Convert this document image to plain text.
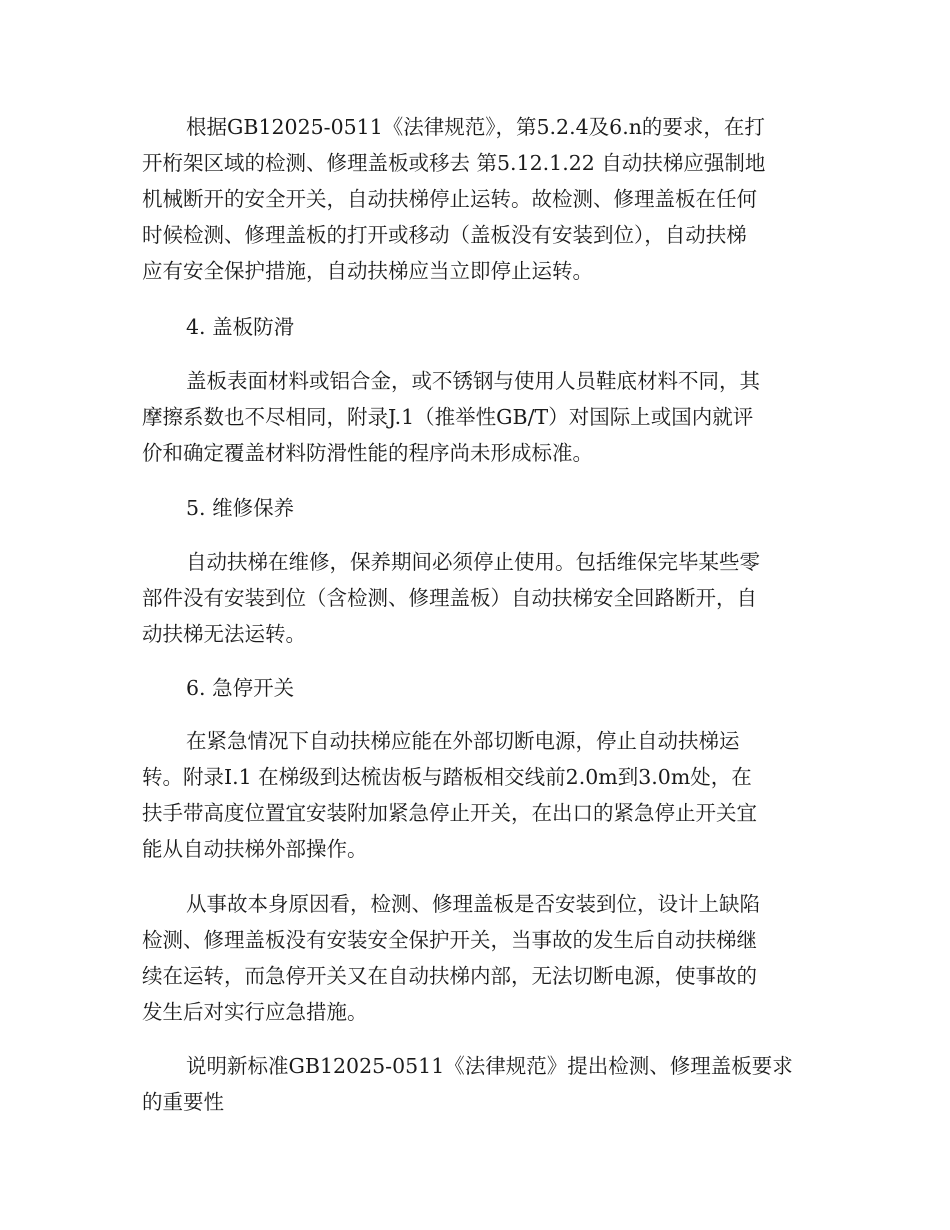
根据GB12025-0511《法律规范》，第5.2.4及6.n的要求，在打
开桁架区域的检测、修理盖板或移去 第5.12.1.22 自动扶梯应强制地
机械断开的安全开关，自动扶梯停止运转。故检测、修理盖板在任何
时候检测、修理盖板的打开或移动（盖板没有安装到位），自动扶梯
应有安全保护措施，自动扶梯应当立即停止运转。
4. 盖板防滑
盖板表面材料或铝合金，或不锈钢与使用人员鞋底材料不同，其
摩擦系数也不尽相同，附录J.1（推举性GB/T）对国际上或国内就评
价和确定覆盖材料防滑性能的程序尚未形成标准。
5. 维修保养
自动扶梯在维修，保养期间必须停止使用。包括维保完毕某些零
部件没有安装到位（含检测、修理盖板）自动扶梯安全回路断开，自
动扶梯无法运转。
6. 急停开关
在紧急情况下自动扶梯应能在外部切断电源，停止自动扶梯运
转。附录I.1 在梯级到达梳齿板与踏板相交线前2.0m到3.0m处，在
扶手带高度位置宜安装附加紧急停止开关，在出口的紧急停止开关宜
能从自动扶梯外部操作。
从事故本身原因看，检测、修理盖板是否安装到位，设计上缺陷
检测、修理盖板没有安装安全保护开关，当事故的发生后自动扶梯继
续在运转，而急停开关又在自动扶梯内部，无法切断电源，使事故的
发生后对实行应急措施。
说明新标准GB12025-0511《法律规范》提出检测、修理盖板要求
的重要性
